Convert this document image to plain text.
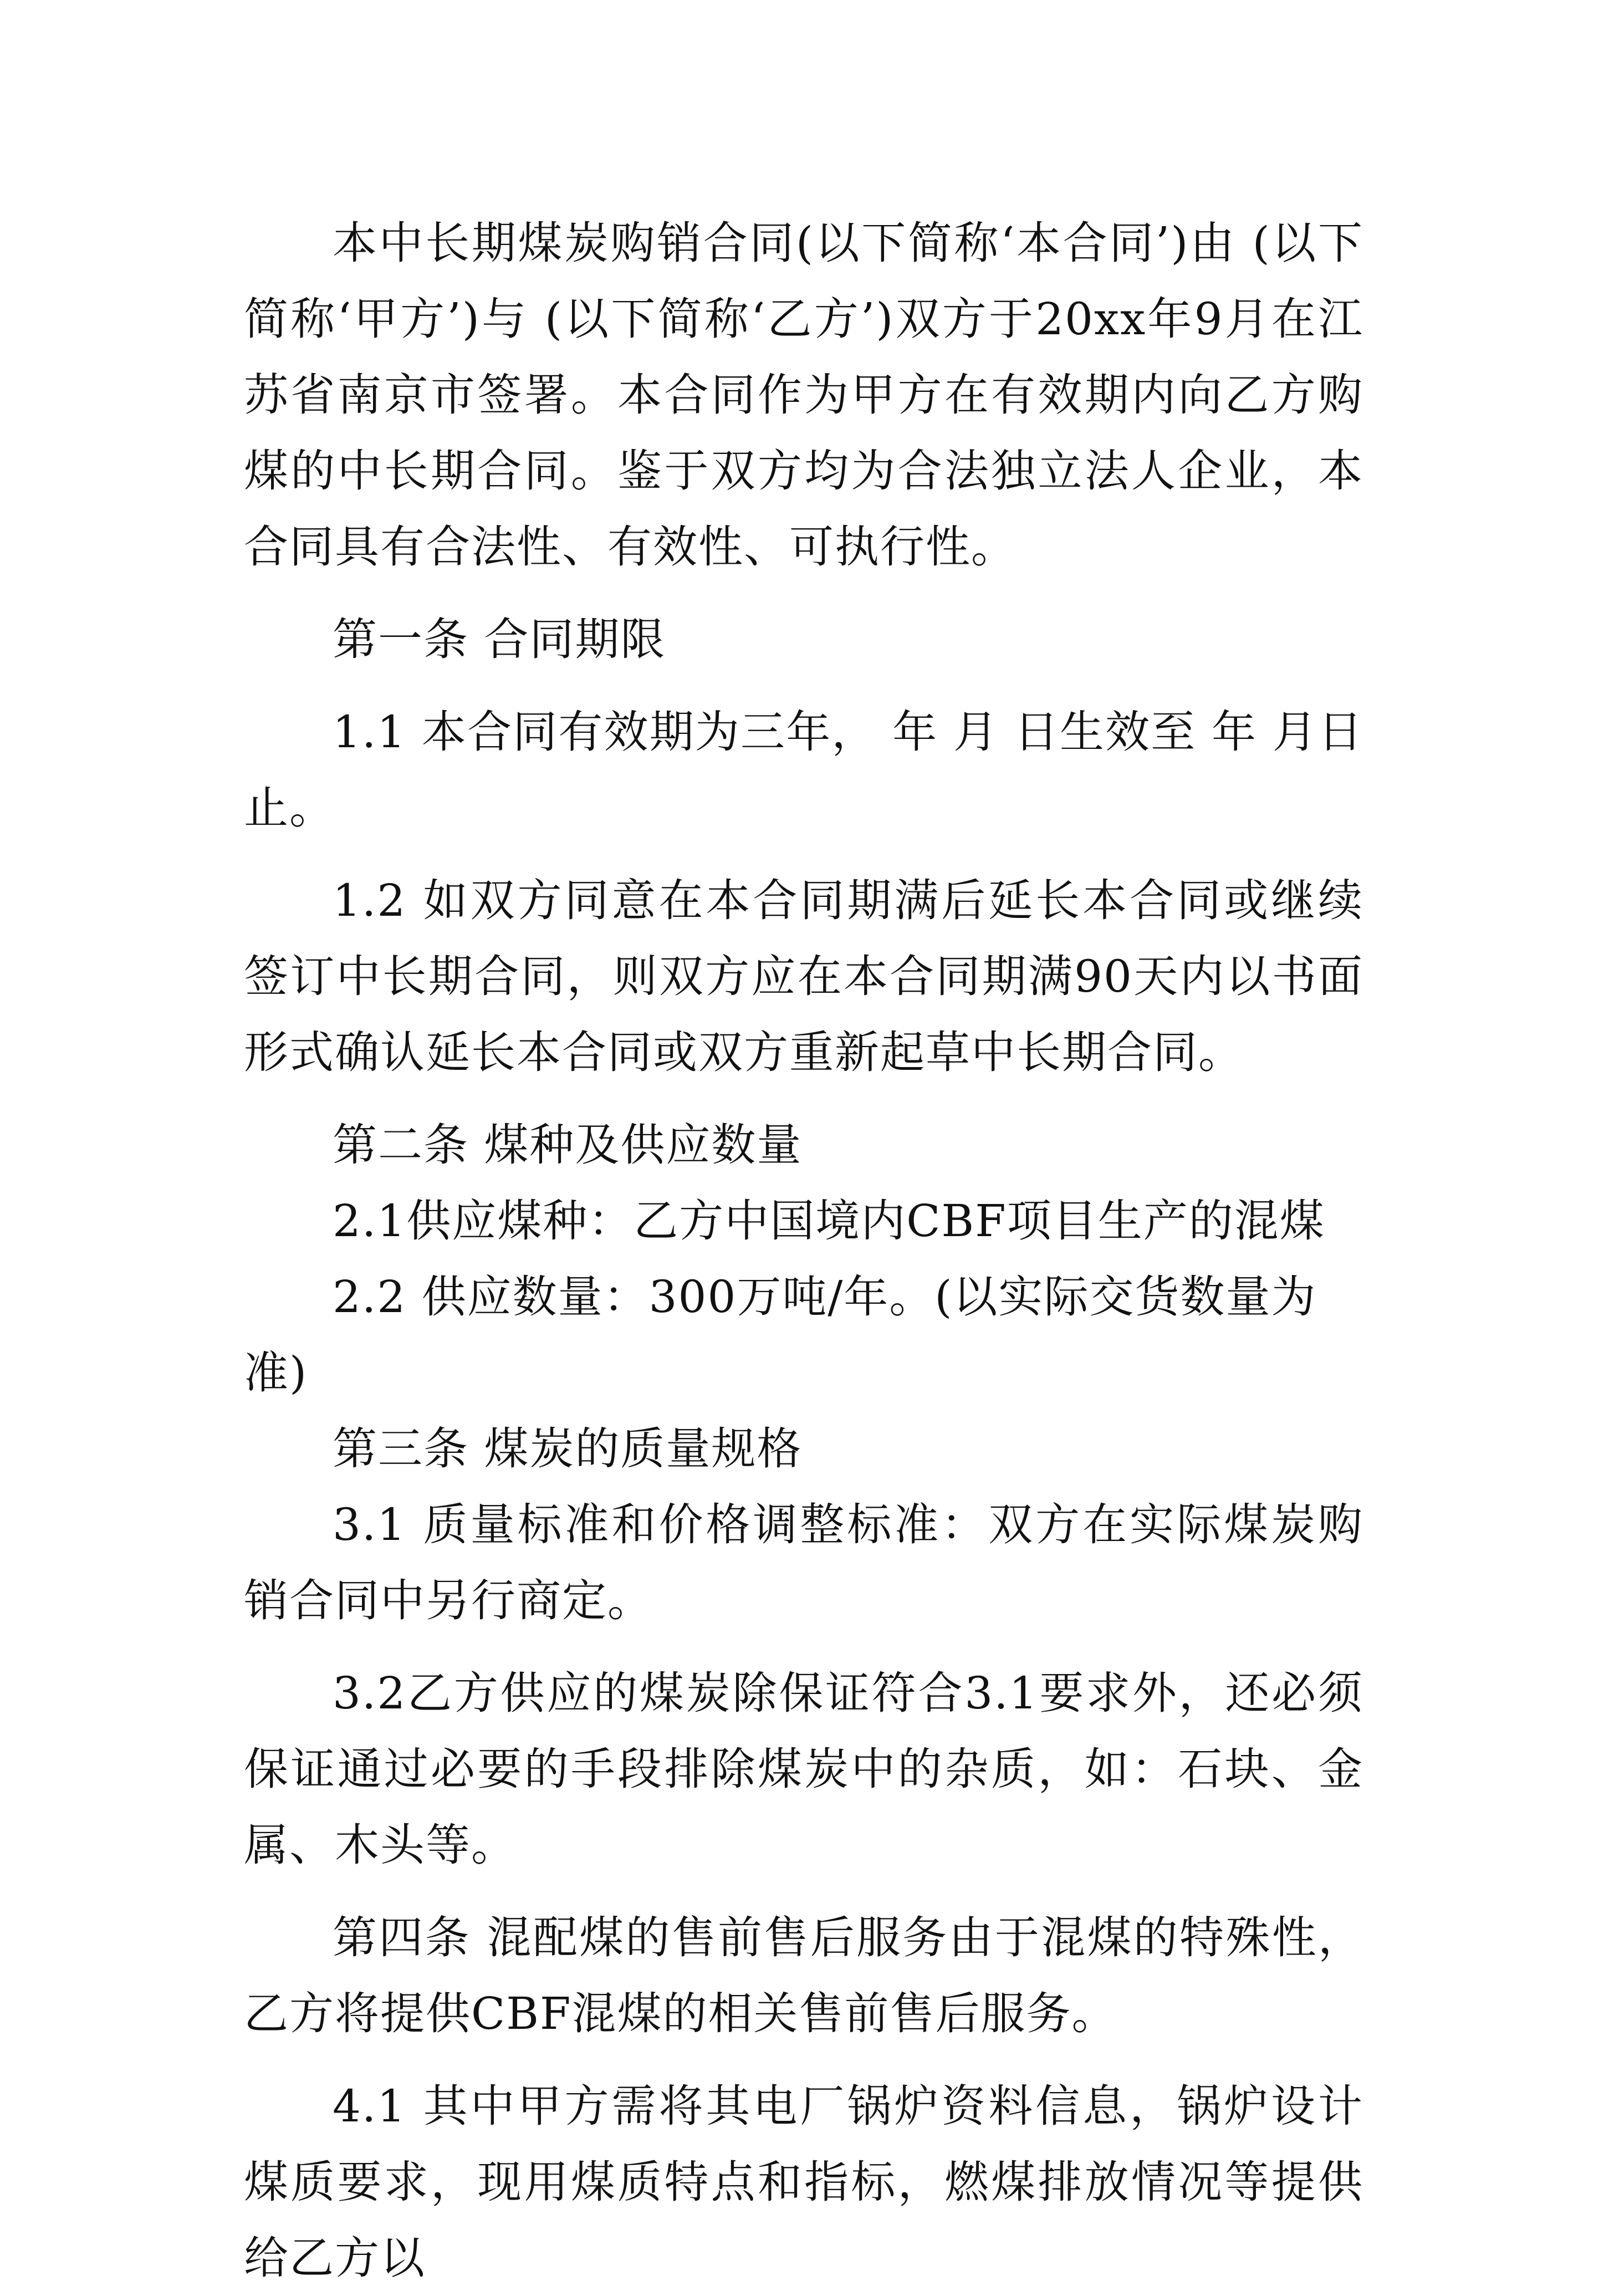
本中长期煤炭购销合同(以下简称‘本合同’)由 (以下简称‘甲方’)与 (以下简称‘乙方’)双方于20xx年9月在江苏省南京市签署。本合同作为甲方在有效期内向乙方购煤的中长期合同。鉴于双方均为合法独立法人企业，本合同具有合法性、有效性、可执行性。

第一条 合同期限

1.1 本合同有效期为三年， 年 月 日生效至 年 月日止。

1.2 如双方同意在本合同期满后延长本合同或继续签订中长期合同，则双方应在本合同期满90天内以书面形式确认延长本合同或双方重新起草中长期合同。

第二条 煤种及供应数量

2.1供应煤种：乙方中国境内CBF项目生产的混煤

2.2 供应数量：300万吨/年。(以实际交货数量为准)

第三条 煤炭的质量规格

3.1 质量标准和价格调整标准：双方在实际煤炭购销合同中另行商定。

3.2乙方供应的煤炭除保证符合3.1要求外，还必须保证通过必要的手段排除煤炭中的杂质，如：石块、金属、木头等。

第四条 混配煤的售前售后服务由于混煤的特殊性，乙方将提供CBF混煤的相关售前售后服务。

4.1 其中甲方需将其电厂锅炉资料信息，锅炉设计煤质要求，现用煤质特点和指标，燃煤排放情况等提供给乙方以
